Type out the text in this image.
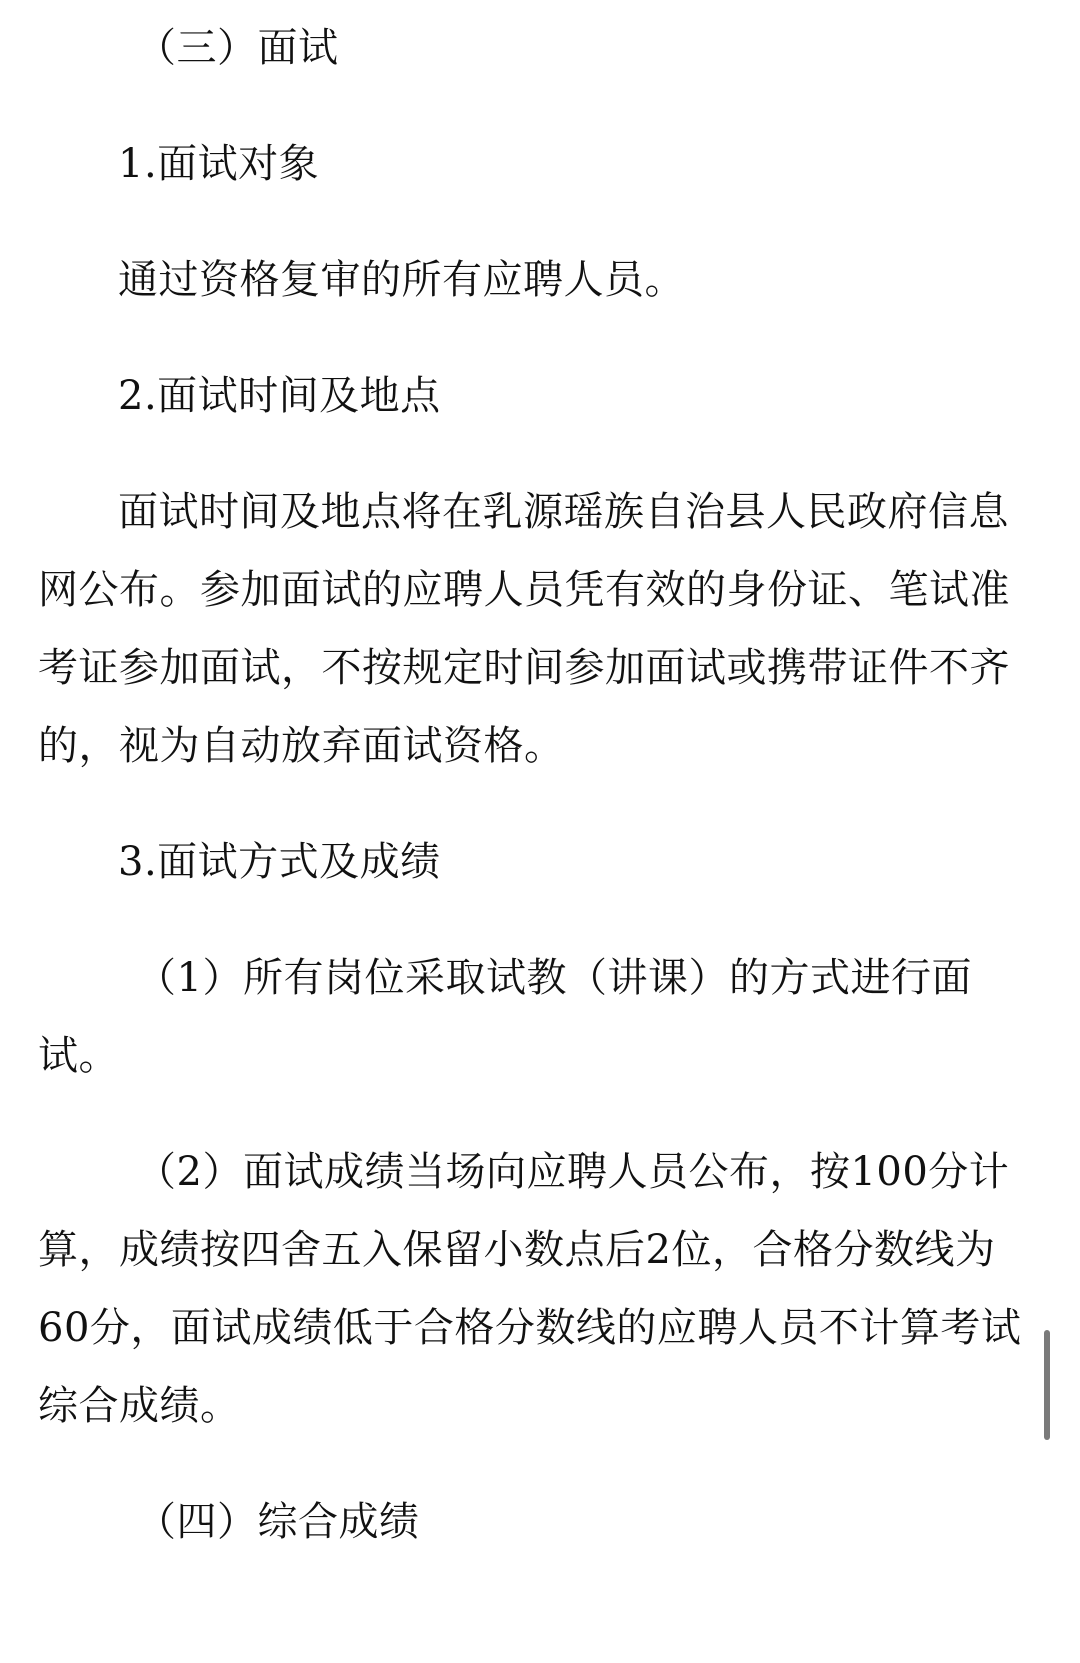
（三）面试
1.面试对象
通过资格复审的所有应聘人员。
2.面试时间及地点
面试时间及地点将在乳源瑶族自治县人民政府信息
网公布。参加面试的应聘人员凭有效的身份证、笔试准
考证参加面试，不按规定时间参加面试或携带证件不齐
的，视为自动放弃面试资格。
3.面试方式及成绩
（1）所有岗位采取试教（讲课）的方式进行面
试。
（2）面试成绩当场向应聘人员公布，按100分计
算，成绩按四舍五入保留小数点后2位，合格分数线为
60分，面试成绩低于合格分数线的应聘人员不计算考试
综合成绩。
（四）综合成绩
